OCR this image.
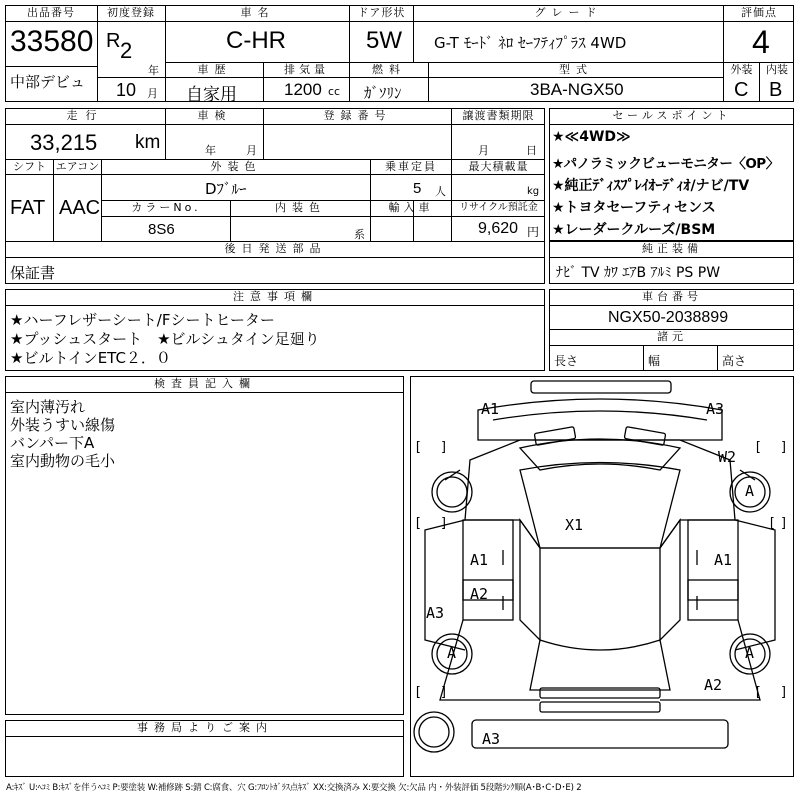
出品番号
33580
中部デビュ
初度登録
R 2
年
10 月
車名
C-HR
ドア形状
5W
グレード
G-T ﾓｰﾄﾞ ﾈﾛ ｾｰﾌﾃｨﾌﾟﾗｽ 4WD
評価点
4
車歴
自家用
排気量
1200 cc
燃料
ｶﾞｿﾘﾝ
型式
3BA-NGX50
外装	内装
C B
走行
33,215 km
車検
年	月
登録番号	譲渡書類期限
月	日
シフト エアコン
FAT AAC
外装色
Dﾌﾞﾙｰ
乗車定員
5 人
最大積載量
kg
カラーNo.
8S6
内装色
系
輸入車	リサイクル預託金
9,620 円
後日発送部品
保証書
セールスポイント
★≪4WD≫
★パノラミックビューモニター〈OP〉
★純正ﾃﾞｨｽﾌﾟﾚｲｵｰﾃﾞｨｵ/ナビ/TV
★トヨタセーフティセンス
★レーダークルーズ/BSM
純正装備
ﾅﾋﾞ TV ｶﾜ ｴｱB ｱﾙﾐ PS PW
注意事項欄
★ハーフレザーシート/Fシートヒーター
★プッシュスタート　★ビルシュタイン足廻り
★ビルトインETC２．０
車台番号
NGX50-2038899
諸元
長さ	幅	高さ
検査員記入欄
室内薄汚れ
外装うすい線傷
バンパー下A
室内動物の毛小
事務局よりご案内
A1	A3
W2
A
X1
A1	A1
A2
A3
A	A
A2
A3
[ ]	[ ]
[ ]	[ ]
[ ]	[ ]
A:ｷｽﾞ U:ﾍｺﾐ B:ｷｽﾞを伴うﾍｺﾐ P:要塗装 W:補修跡 S:錆 C:腐食、穴 G:ﾌﾛﾝﾄｶﾞﾗｽ点ｷｽﾞ XX:交換済み X:要交換 欠:欠品 内・外装評価 5段階ﾗﾝｸ順(A･B･C･D･E) 2
